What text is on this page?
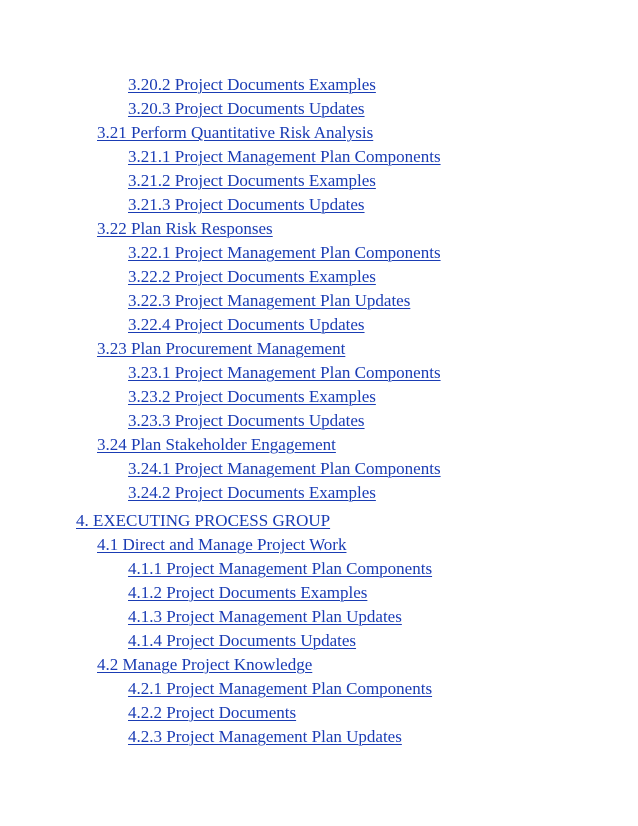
3.20.2 Project Documents Examples
3.20.3 Project Documents Updates
3.21 Perform Quantitative Risk Analysis
3.21.1 Project Management Plan Components
3.21.2 Project Documents Examples
3.21.3 Project Documents Updates
3.22 Plan Risk Responses
3.22.1 Project Management Plan Components
3.22.2 Project Documents Examples
3.22.3 Project Management Plan Updates
3.22.4 Project Documents Updates
3.23 Plan Procurement Management
3.23.1 Project Management Plan Components
3.23.2 Project Documents Examples
3.23.3 Project Documents Updates
3.24 Plan Stakeholder Engagement
3.24.1 Project Management Plan Components
3.24.2 Project Documents Examples
4. EXECUTING PROCESS GROUP
4.1 Direct and Manage Project Work
4.1.1 Project Management Plan Components
4.1.2 Project Documents Examples
4.1.3 Project Management Plan Updates
4.1.4 Project Documents Updates
4.2 Manage Project Knowledge
4.2.1 Project Management Plan Components
4.2.2 Project Documents
4.2.3 Project Management Plan Updates
